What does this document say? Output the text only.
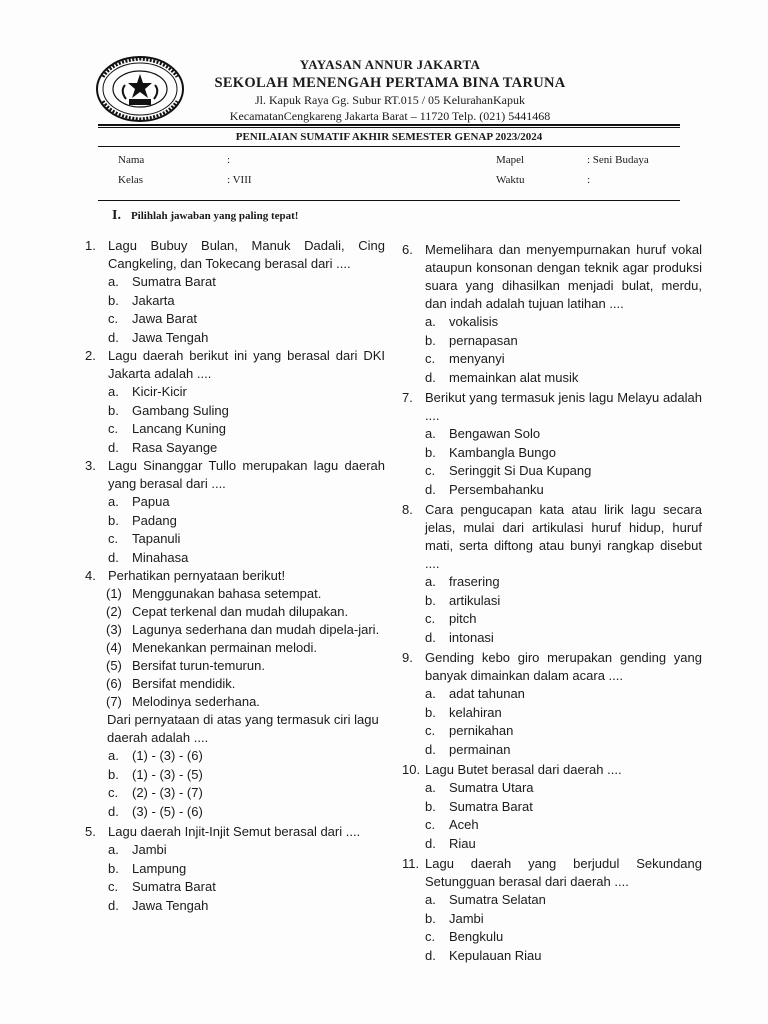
YAYASAN ANNUR JAKARTA
SEKOLAH MENENGAH PERTAMA BINA TARUNA
Jl. Kapuk Raya Gg. Subur RT.015 / 05 KelurahanKapuk
KecamatanCengkareng Jakarta Barat – 11720 Telp. (021) 5441468
PENILAIAN SUMATIF AKHIR SEMESTER GENAP 2023/2024
Nama	:
Kelas	: VIII
Mapel	: Seni Budaya
Waktu	:
I. Pilihlah jawaban yang paling tepat!
1. Lagu Bubuy Bulan, Manuk Dadali, Cing Cangkeling, dan Tokecang berasal dari ....
a.	Sumatra Barat
b.	Jakarta
c.	Jawa Barat
d.	Jawa Tengah
2. Lagu daerah berikut ini yang berasal dari DKI Jakarta adalah ....
a.	Kicir-Kicir
b.	Gambang Suling
c.	Lancang Kuning
d.	Rasa Sayange
3. Lagu Sinanggar Tullo merupakan lagu daerah yang berasal dari ....
a.	Papua
b.	Padang
c.	Tapanuli
d.	Minahasa
4. Perhatikan pernyataan berikut!
(1) Menggunakan bahasa setempat.
(2) Cepat terkenal dan mudah dilupakan.
(3) Lagunya sederhana dan mudah dipela-jari.
(4) Menekankan permainan melodi.
(5) Bersifat turun-temurun.
(6) Bersifat mendidik.
(7) Melodinya sederhana.
Dari pernyataan di atas yang termasuk ciri lagu daerah adalah ....
a.	(1) - (3) - (6)
b.	(1) - (3) - (5)
c.	(2) - (3) - (7)
d.	(3) - (5) - (6)
5. Lagu daerah Injit-Injit Semut berasal dari ....
a.	Jambi
b.	Lampung
c.	Sumatra Barat
d.	Jawa Tengah
6. Memelihara dan menyempurnakan huruf vokal ataupun konsonan dengan teknik agar produksi suara yang dihasilkan menjadi bulat, merdu, dan indah adalah tujuan latihan ....
a.	vokalisis
b.	pernapasan
c.	menyanyi
d.	memainkan alat musik
7. Berikut yang termasuk jenis lagu Melayu adalah ....
a.	Bengawan Solo
b.	Kambangla Bungo
c.	Seringgit Si Dua Kupang
d.	Persembahanku
8. Cara pengucapan kata atau lirik lagu secara jelas, mulai dari artikulasi huruf hidup, huruf mati, serta diftong atau bunyi rangkap disebut ....
a.	frasering
b.	artikulasi
c.	pitch
d.	intonasi
9. Gending kebo giro merupakan gending yang banyak dimainkan dalam acara ....
a.	adat tahunan
b.	kelahiran
c.	pernikahan
d.	permainan
10. Lagu Butet berasal dari daerah ....
a.	Sumatra Utara
b.	Sumatra Barat
c.	Aceh
d.	Riau
11. Lagu daerah yang berjudul Sekundang Setungguan berasal dari daerah ....
a.	Sumatra Selatan
b.	Jambi
c.	Bengkulu
d.	Kepulauan Riau
